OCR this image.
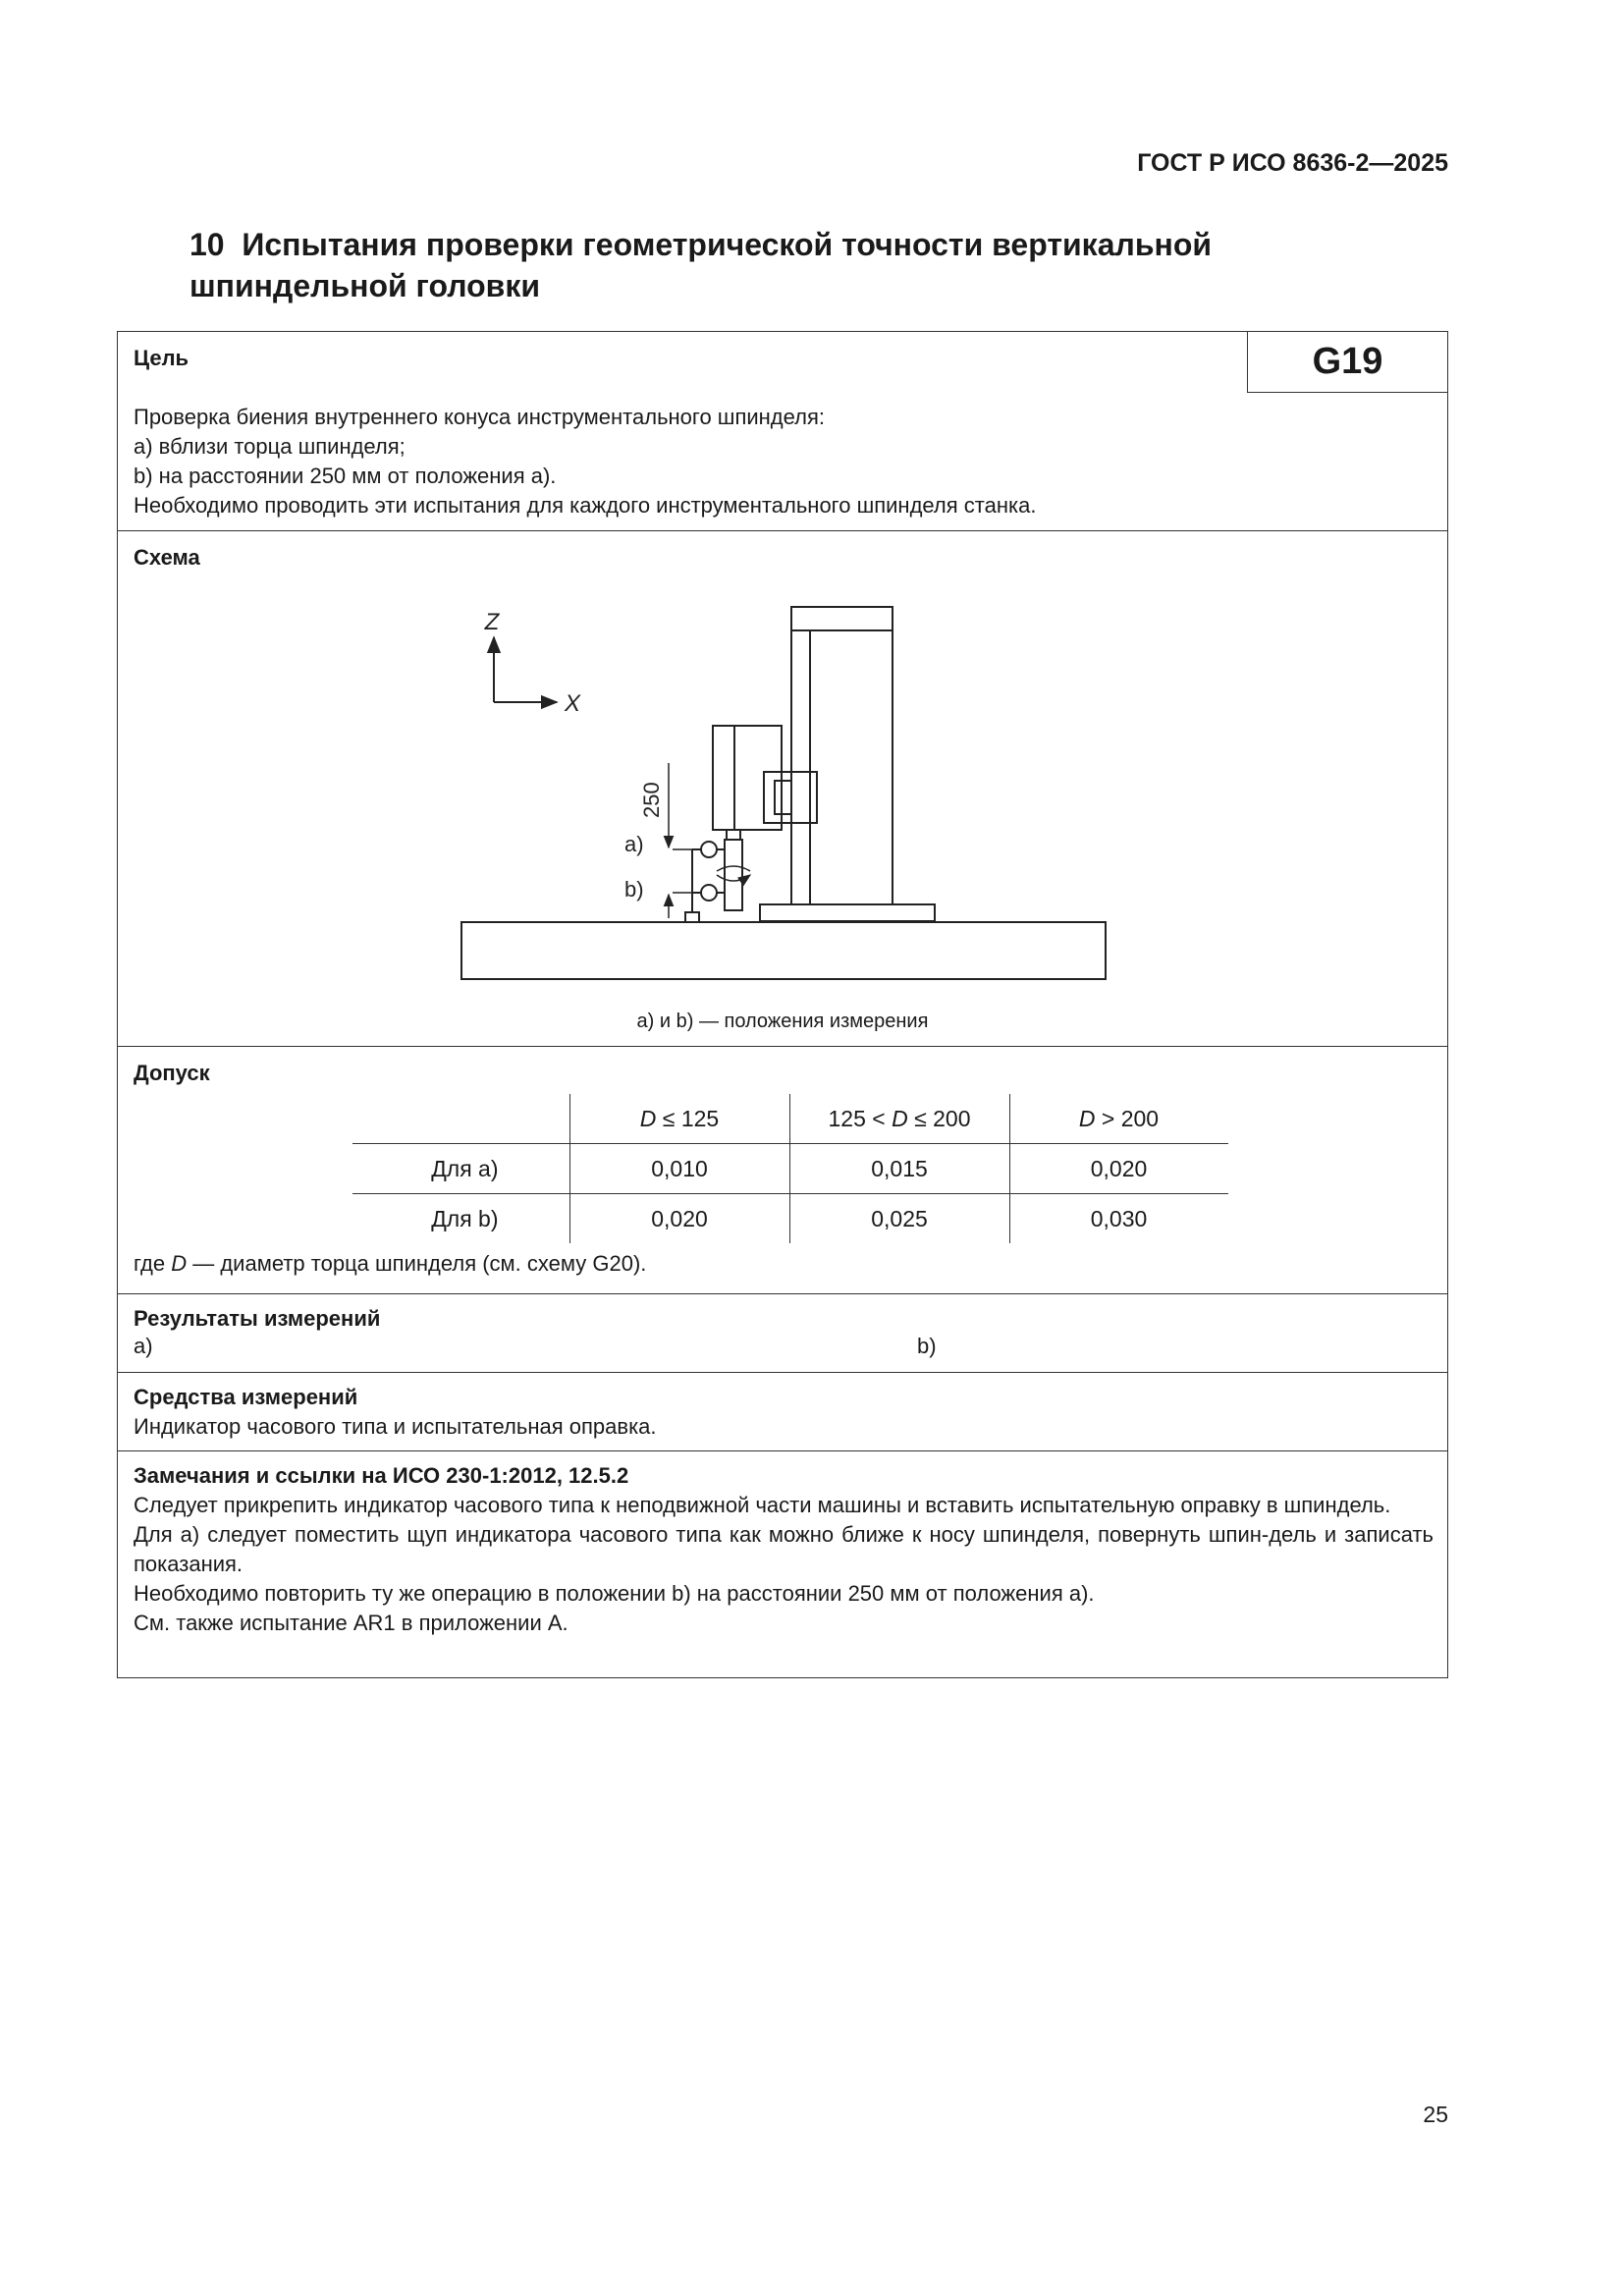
ГОСТ Р ИСО 8636-2—2025
10 Испытания проверки геометрической точности вертикальной
шпиндельной головки
Цель	G19
Проверка биения внутреннего конуса инструментального шпинделя:
a) вблизи торца шпинделя;
b) на расстоянии 250 мм от положения a).
Необходимо проводить эти испытания для каждого инструментального шпинделя станка.
Схема
Z
X
250
a)
b)
a) и b) — положения измерения
Допуск
	D ≤ 125	125 < D ≤ 200	D > 200
Для a)	0,010	0,015	0,020
Для b)	0,020	0,025	0,030
где D — диаметр торца шпинделя (см. схему G20).
Результаты измерений
a)	b)
Средства измерений
Индикатор часового типа и испытательная оправка.
Замечания и ссылки на ИСО 230-1:2012, 12.5.2
Следует прикрепить индикатор часового типа к неподвижной части машины и вставить испытательную оправку в шпиндель.
Для a) следует поместить щуп индикатора часового типа как можно ближе к носу шпинделя, повернуть шпин-дель и записать показания.
Необходимо повторить ту же операцию в положении b) на расстоянии 250 мм от положения a).
См. также испытание AR1 в приложении А.
25
